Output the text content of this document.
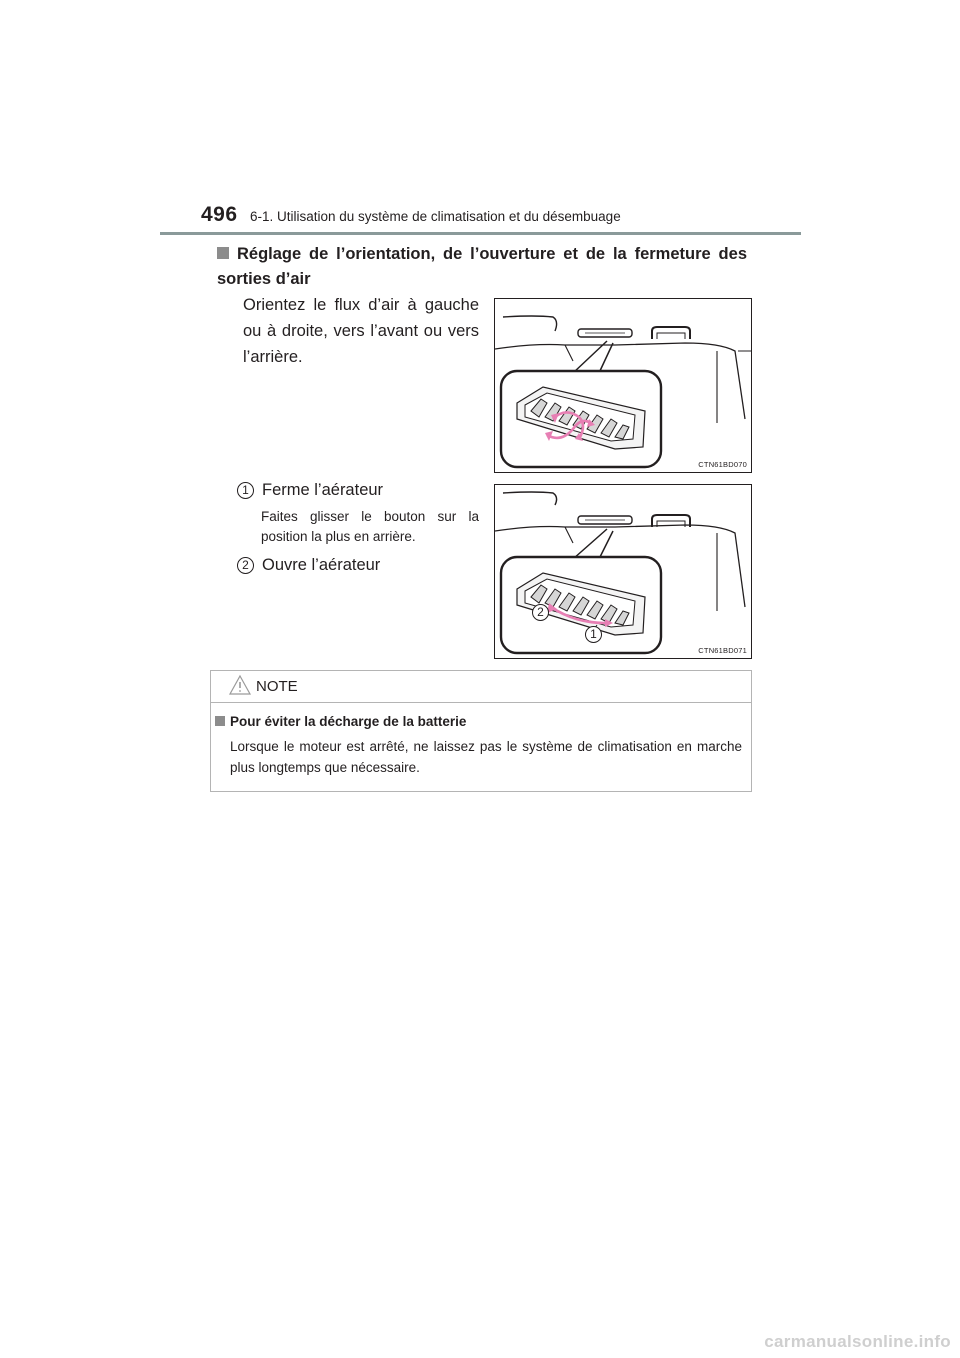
496 6-1. Utilisation du système de climatisation et du désembuage
Réglage de l’orientation, de l’ouverture et de la fermeture des sorties d’air
Orientez le flux d’air à gauche ou à droite, vers l’avant ou vers l’arrière.
CTN61BD070
1 Ferme l’aérateur
Faites glisser le bouton sur la position la plus en arrière.
2 Ouvre l’aérateur
2
1
CTN61BD071
NOTE
Pour éviter la décharge de la batterie
Lorsque le moteur est arrêté, ne laissez pas le système de climatisation en marche plus longtemps que nécessaire.
carmanualsonline.info
